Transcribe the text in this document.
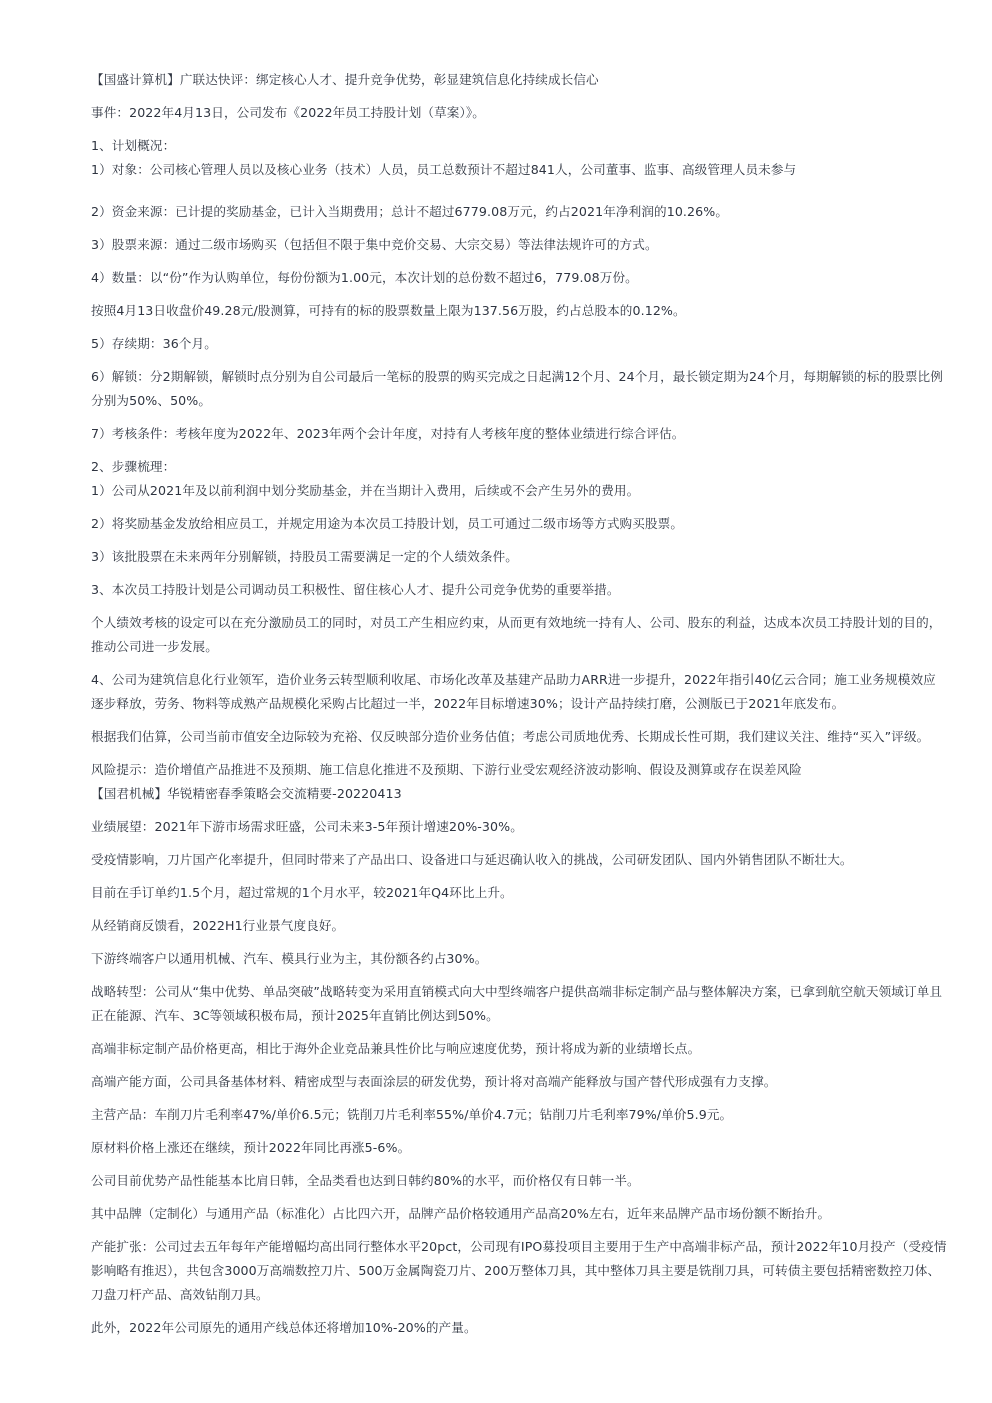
【国盛计算机】广联达快评：绑定核心人才、提升竞争优势，彰显建筑信息化持续成长信心

事件：2022年4月13日，公司发布《2022年员工持股计划（草案）》。

1、计划概况：

1）对象：公司核心管理人员以及核心业务（技术）人员，员工总数预计不超过841人，公司董事、监事、高级管理人员未参与

2）资金来源：已计提的奖励基金，已计入当期费用；总计不超过6779.08万元，约占2021年净利润的10.26%。

3）股票来源：通过二级市场购买（包括但不限于集中竞价交易、大宗交易）等法律法规许可的方式。

4）数量：以“份”作为认购单位，每份份额为1.00元，本次计划的总份数不超过6，779.08万份。

按照4月13日收盘价49.28元/股测算，可持有的标的股票数量上限为137.56万股，约占总股本的0.12%。

5）存续期：36个月。

6）解锁：分2期解锁，解锁时点分别为自公司最后一笔标的股票的购买完成之日起满12个月、24个月，最长锁定期为24个月，每期解锁的标的股票比例分别为50%、50%。

7）考核条件：考核年度为2022年、2023年两个会计年度，对持有人考核年度的整体业绩进行综合评估。

2、步骤梳理：

1）公司从2021年及以前利润中划分奖励基金，并在当期计入费用，后续或不会产生另外的费用。

2）将奖励基金发放给相应员工，并规定用途为本次员工持股计划，员工可通过二级市场等方式购买股票。

3）该批股票在未来两年分别解锁，持股员工需要满足一定的个人绩效条件。

3、本次员工持股计划是公司调动员工积极性、留住核心人才、提升公司竞争优势的重要举措。

个人绩效考核的设定可以在充分激励员工的同时，对员工产生相应约束，从而更有效地统一持有人、公司、股东的利益，达成本次员工持股计划的目的，推动公司进一步发展。

4、公司为建筑信息化行业领军，造价业务云转型顺利收尾、市场化改革及基建产品助力ARR进一步提升，2022年指引40亿云合同；施工业务规模效应逐步释放，劳务、物料等成熟产品规模化采购占比超过一半，2022年目标增速30%；设计产品持续打磨，公测版已于2021年底发布。

根据我们估算，公司当前市值安全边际较为充裕、仅反映部分造价业务估值；考虑公司质地优秀、长期成长性可期，我们建议关注、维持“买入”评级。

风险提示：造价增值产品推进不及预期、施工信息化推进不及预期、下游行业受宏观经济波动影响、假设及测算或存在误差风险

【国君机械】华锐精密春季策略会交流精要-20220413

业绩展望：2021年下游市场需求旺盛，公司未来3-5年预计增速20%-30%。

受疫情影响，刀片国产化率提升，但同时带来了产品出口、设备进口与延迟确认收入的挑战，公司研发团队、国内外销售团队不断壮大。

目前在手订单约1.5个月，超过常规的1个月水平，较2021年Q4环比上升。

从经销商反馈看，2022H1行业景气度良好。

下游终端客户以通用机械、汽车、模具行业为主，其份额各约占30%。

战略转型：公司从“集中优势、单品突破”战略转变为采用直销模式向大中型终端客户提供高端非标定制产品与整体解决方案，已拿到航空航天领域订单且正在能源、汽车、3C等领域积极布局，预计2025年直销比例达到50%。

高端非标定制产品价格更高，相比于海外企业竞品兼具性价比与响应速度优势，预计将成为新的业绩增长点。

高端产能方面，公司具备基体材料、精密成型与表面涂层的研发优势，预计将对高端产能释放与国产替代形成强有力支撑。

主营产品：车削刀片毛利率47%/单价6.5元；铣削刀片毛利率55%/单价4.7元；钻削刀片毛利率79%/单价5.9元。

原材料价格上涨还在继续，预计2022年同比再涨5-6%。

公司目前优势产品性能基本比肩日韩，全品类看也达到日韩约80%的水平，而价格仅有日韩一半。

其中品牌（定制化）与通用产品（标准化）占比四六开，品牌产品价格较通用产品高20%左右，近年来品牌产品市场份额不断抬升。

产能扩张：公司过去五年每年产能增幅均高出同行整体水平20pct，公司现有IPO募投项目主要用于生产中高端非标产品，预计2022年10月投产（受疫情影响略有推迟），共包含3000万高端数控刀片、500万金属陶瓷刀片、200万整体刀具，其中整体刀具主要是铣削刀具，可转债主要包括精密数控刀体、刀盘刀杆产品、高效钻削刀具。

此外，2022年公司原先的通用产线总体还将增加10%-20%的产量。
